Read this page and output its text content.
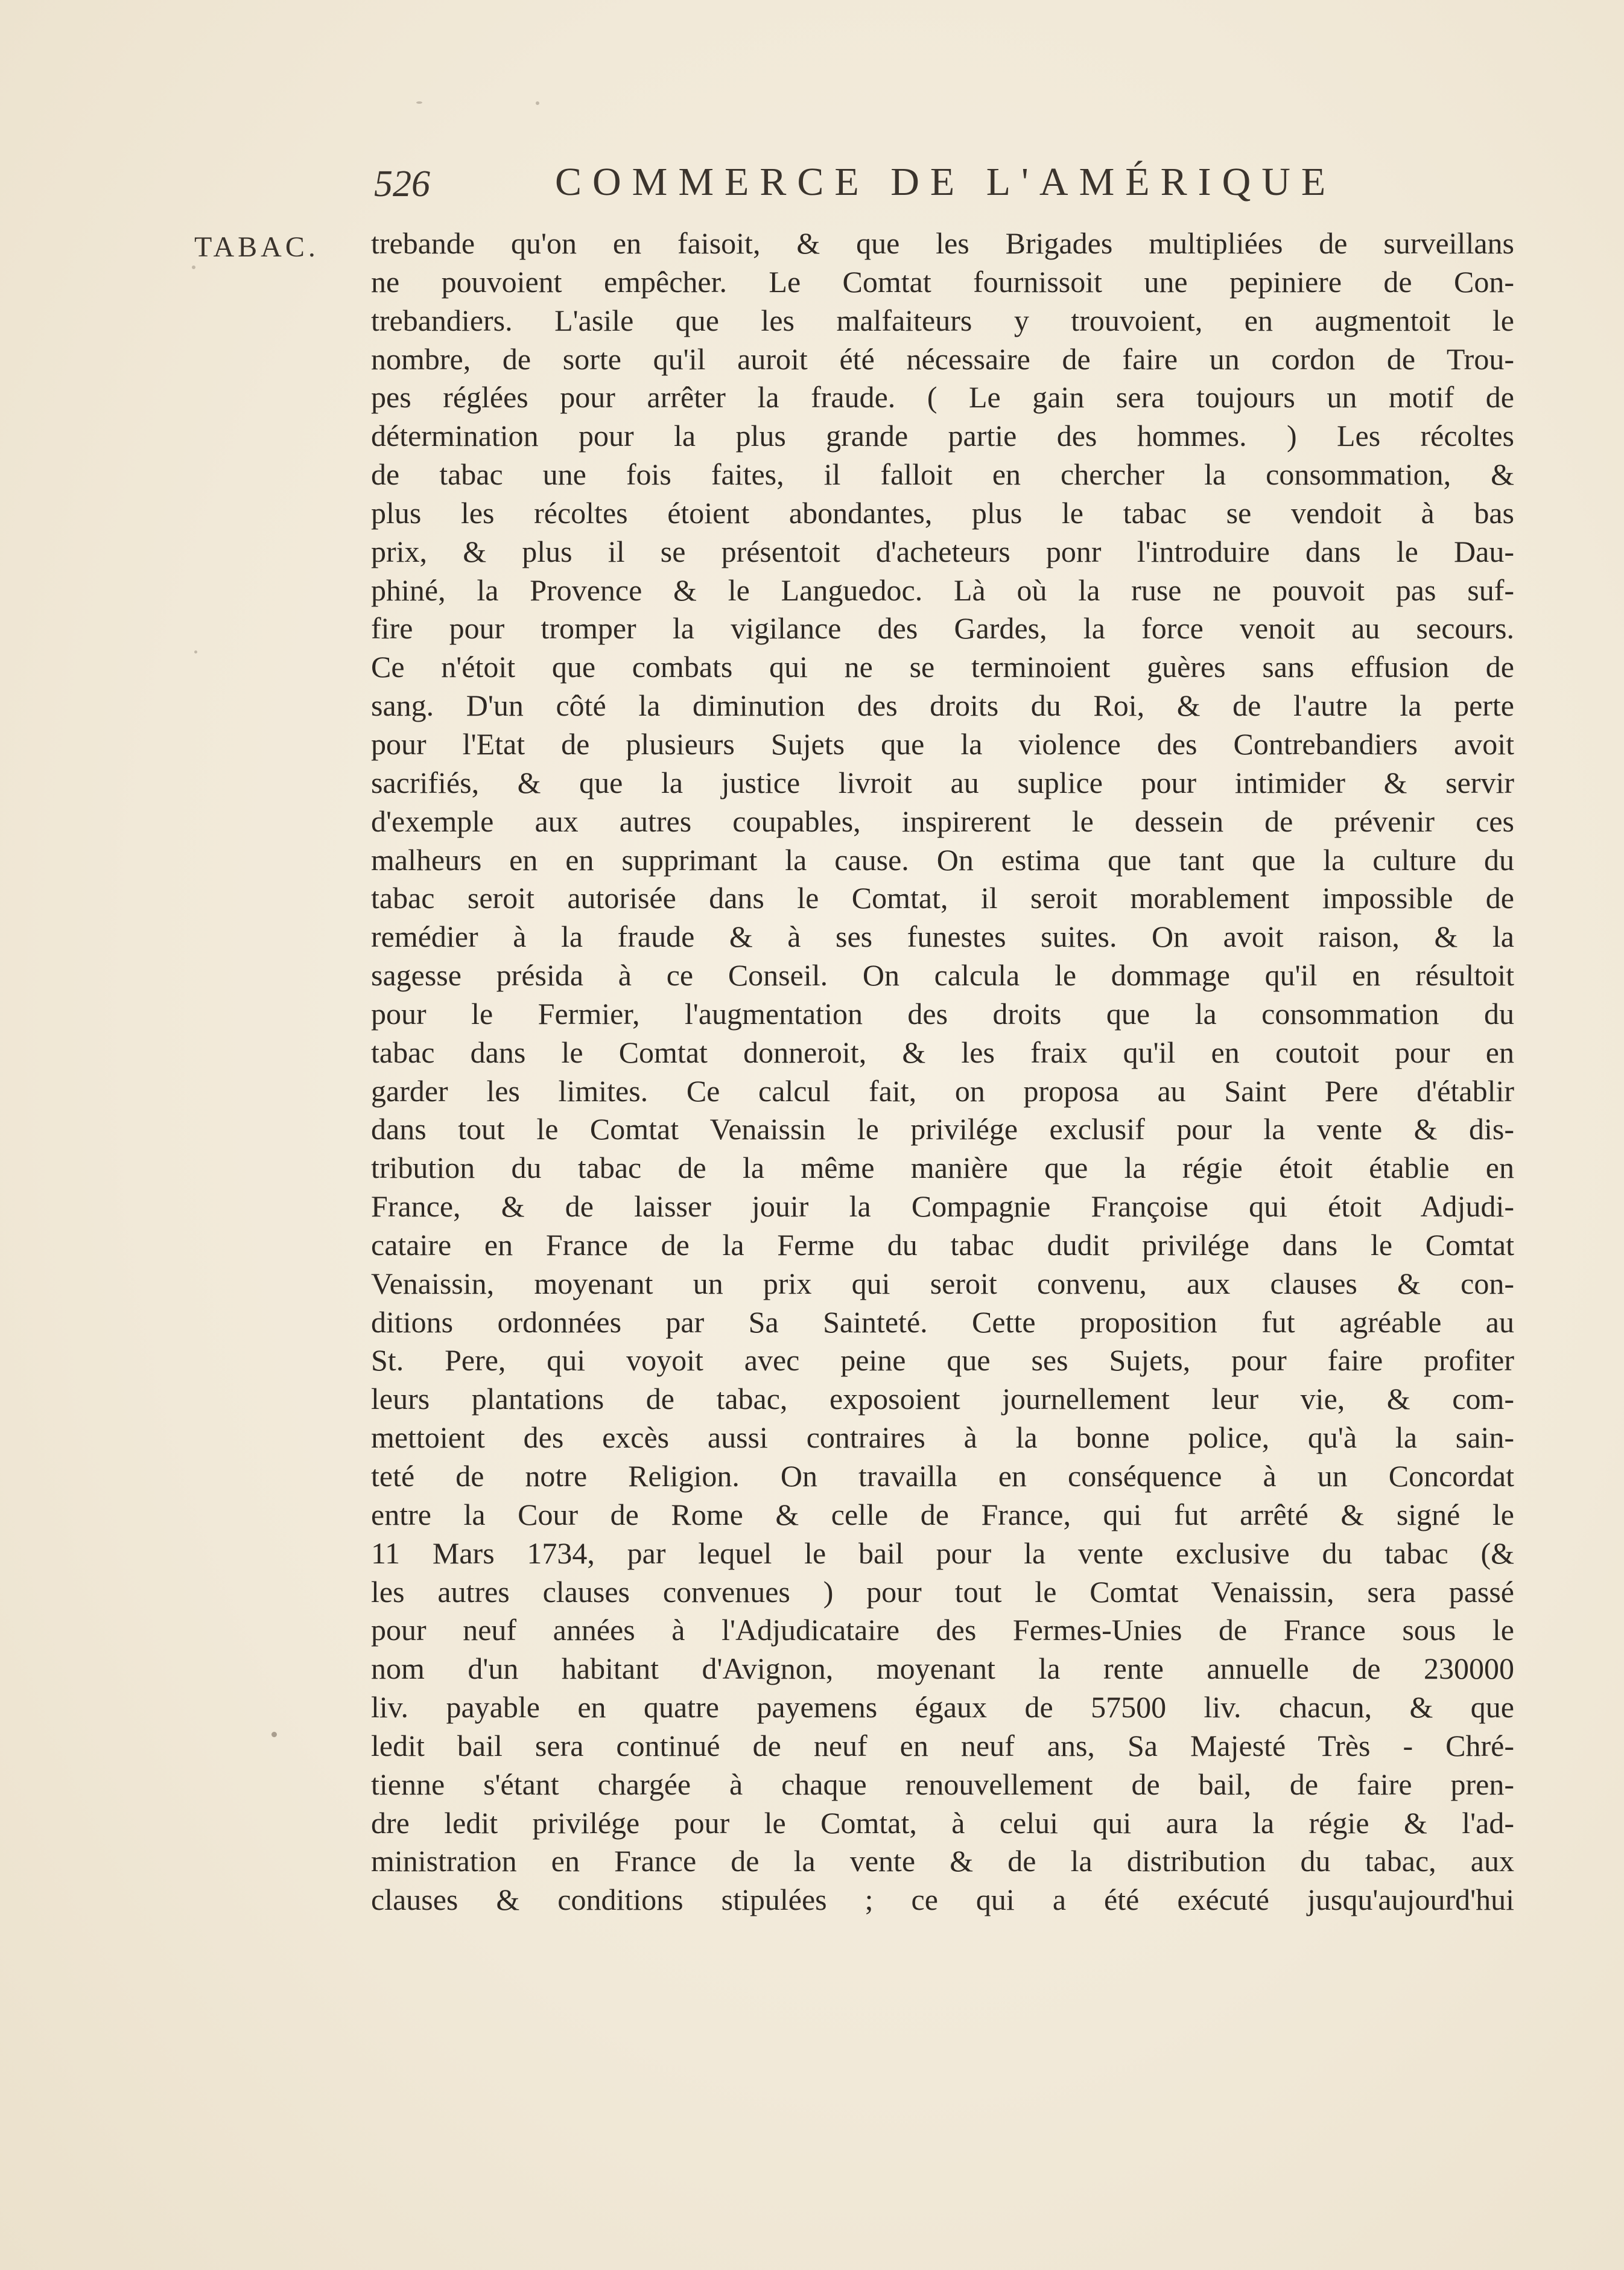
526	COMMERCE DE L'AMÉRIQUE
TABAC. trebande qu'on en faisoit, & que les Brigades multipliées de surveillans
ne pouvoient empêcher. Le Comtat fournissoit une pepiniere de Con-
trebandiers. L'asile que les malfaiteurs y trouvoient, en augmentoit le
nombre, de sorte qu'il auroit été nécessaire de faire un cordon de Trou-
pes réglées pour arrêter la fraude. ( Le gain sera toujours un motif de
détermination pour la plus grande partie des hommes. ) Les récoltes
de tabac une fois faites, il falloit en chercher la consommation, &
plus les récoltes étoient abondantes, plus le tabac se vendoit à bas
prix, & plus il se présentoit d'acheteurs ponr l'introduire dans le Dau-
phiné, la Provence & le Languedoc. Là où la ruse ne pouvoit pas suf-
fire pour tromper la vigilance des Gardes, la force venoit au secours.
Ce n'étoit que combats qui ne se terminoient guères sans effusion de
sang. D'un côté la diminution des droits du Roi, & de l'autre la perte
pour l'Etat de plusieurs Sujets que la violence des Contrebandiers avoit
sacrifiés, & que la justice livroit au suplice pour intimider & servir
d'exemple aux autres coupables, inspirerent le dessein de prévenir ces
malheurs en en supprimant la cause. On estima que tant que la culture du
tabac seroit autorisée dans le Comtat, il seroit morablement impossible de
remédier à la fraude & à ses funestes suites. On avoit raison, & la
sagesse présida à ce Conseil. On calcula le dommage qu'il en résultoit
pour le Fermier, l'augmentation des droits que la consommation du
tabac dans le Comtat donneroit, & les fraix qu'il en coutoit pour en
garder les limites. Ce calcul fait, on proposa au Saint Pere d'établir
dans tout le Comtat Venaissin le privilége exclusif pour la vente & dis-
tribution du tabac de la même manière que la régie étoit établie en
France, & de laisser jouir la Compagnie Françoise qui étoit Adjudi-
cataire en France de la Ferme du tabac dudit privilége dans le Comtat
Venaissin, moyenant un prix qui seroit convenu, aux clauses & con-
ditions ordonnées par Sa Sainteté. Cette proposition fut agréable au
St. Pere, qui voyoit avec peine que ses Sujets, pour faire profiter
leurs plantations de tabac, exposoient journellement leur vie, & com-
mettoient des excès aussi contraires à la bonne police, qu'à la sain-
teté de notre Religion. On travailla en conséquence à un Concordat
entre la Cour de Rome & celle de France, qui fut arrêté & signé le
11 Mars 1734, par lequel le bail pour la vente exclusive du tabac (&
les autres clauses convenues ) pour tout le Comtat Venaissin, sera passé
pour neuf années à l'Adjudicataire des Fermes-Unies de France sous le
nom d'un habitant d'Avignon, moyenant la rente annuelle de 230000
liv. payable en quatre payemens égaux de 57500 liv. chacun, & que
ledit bail sera continué de neuf en neuf ans, Sa Majesté Très - Chré-
tienne s'étant chargée à chaque renouvellement de bail, de faire pren-
dre ledit privilége pour le Comtat, à celui qui aura la régie & l'ad-
ministration en France de la vente & de la distribution du tabac, aux
clauses & conditions stipulées ; ce qui a été exécuté jusqu'aujourd'hui
